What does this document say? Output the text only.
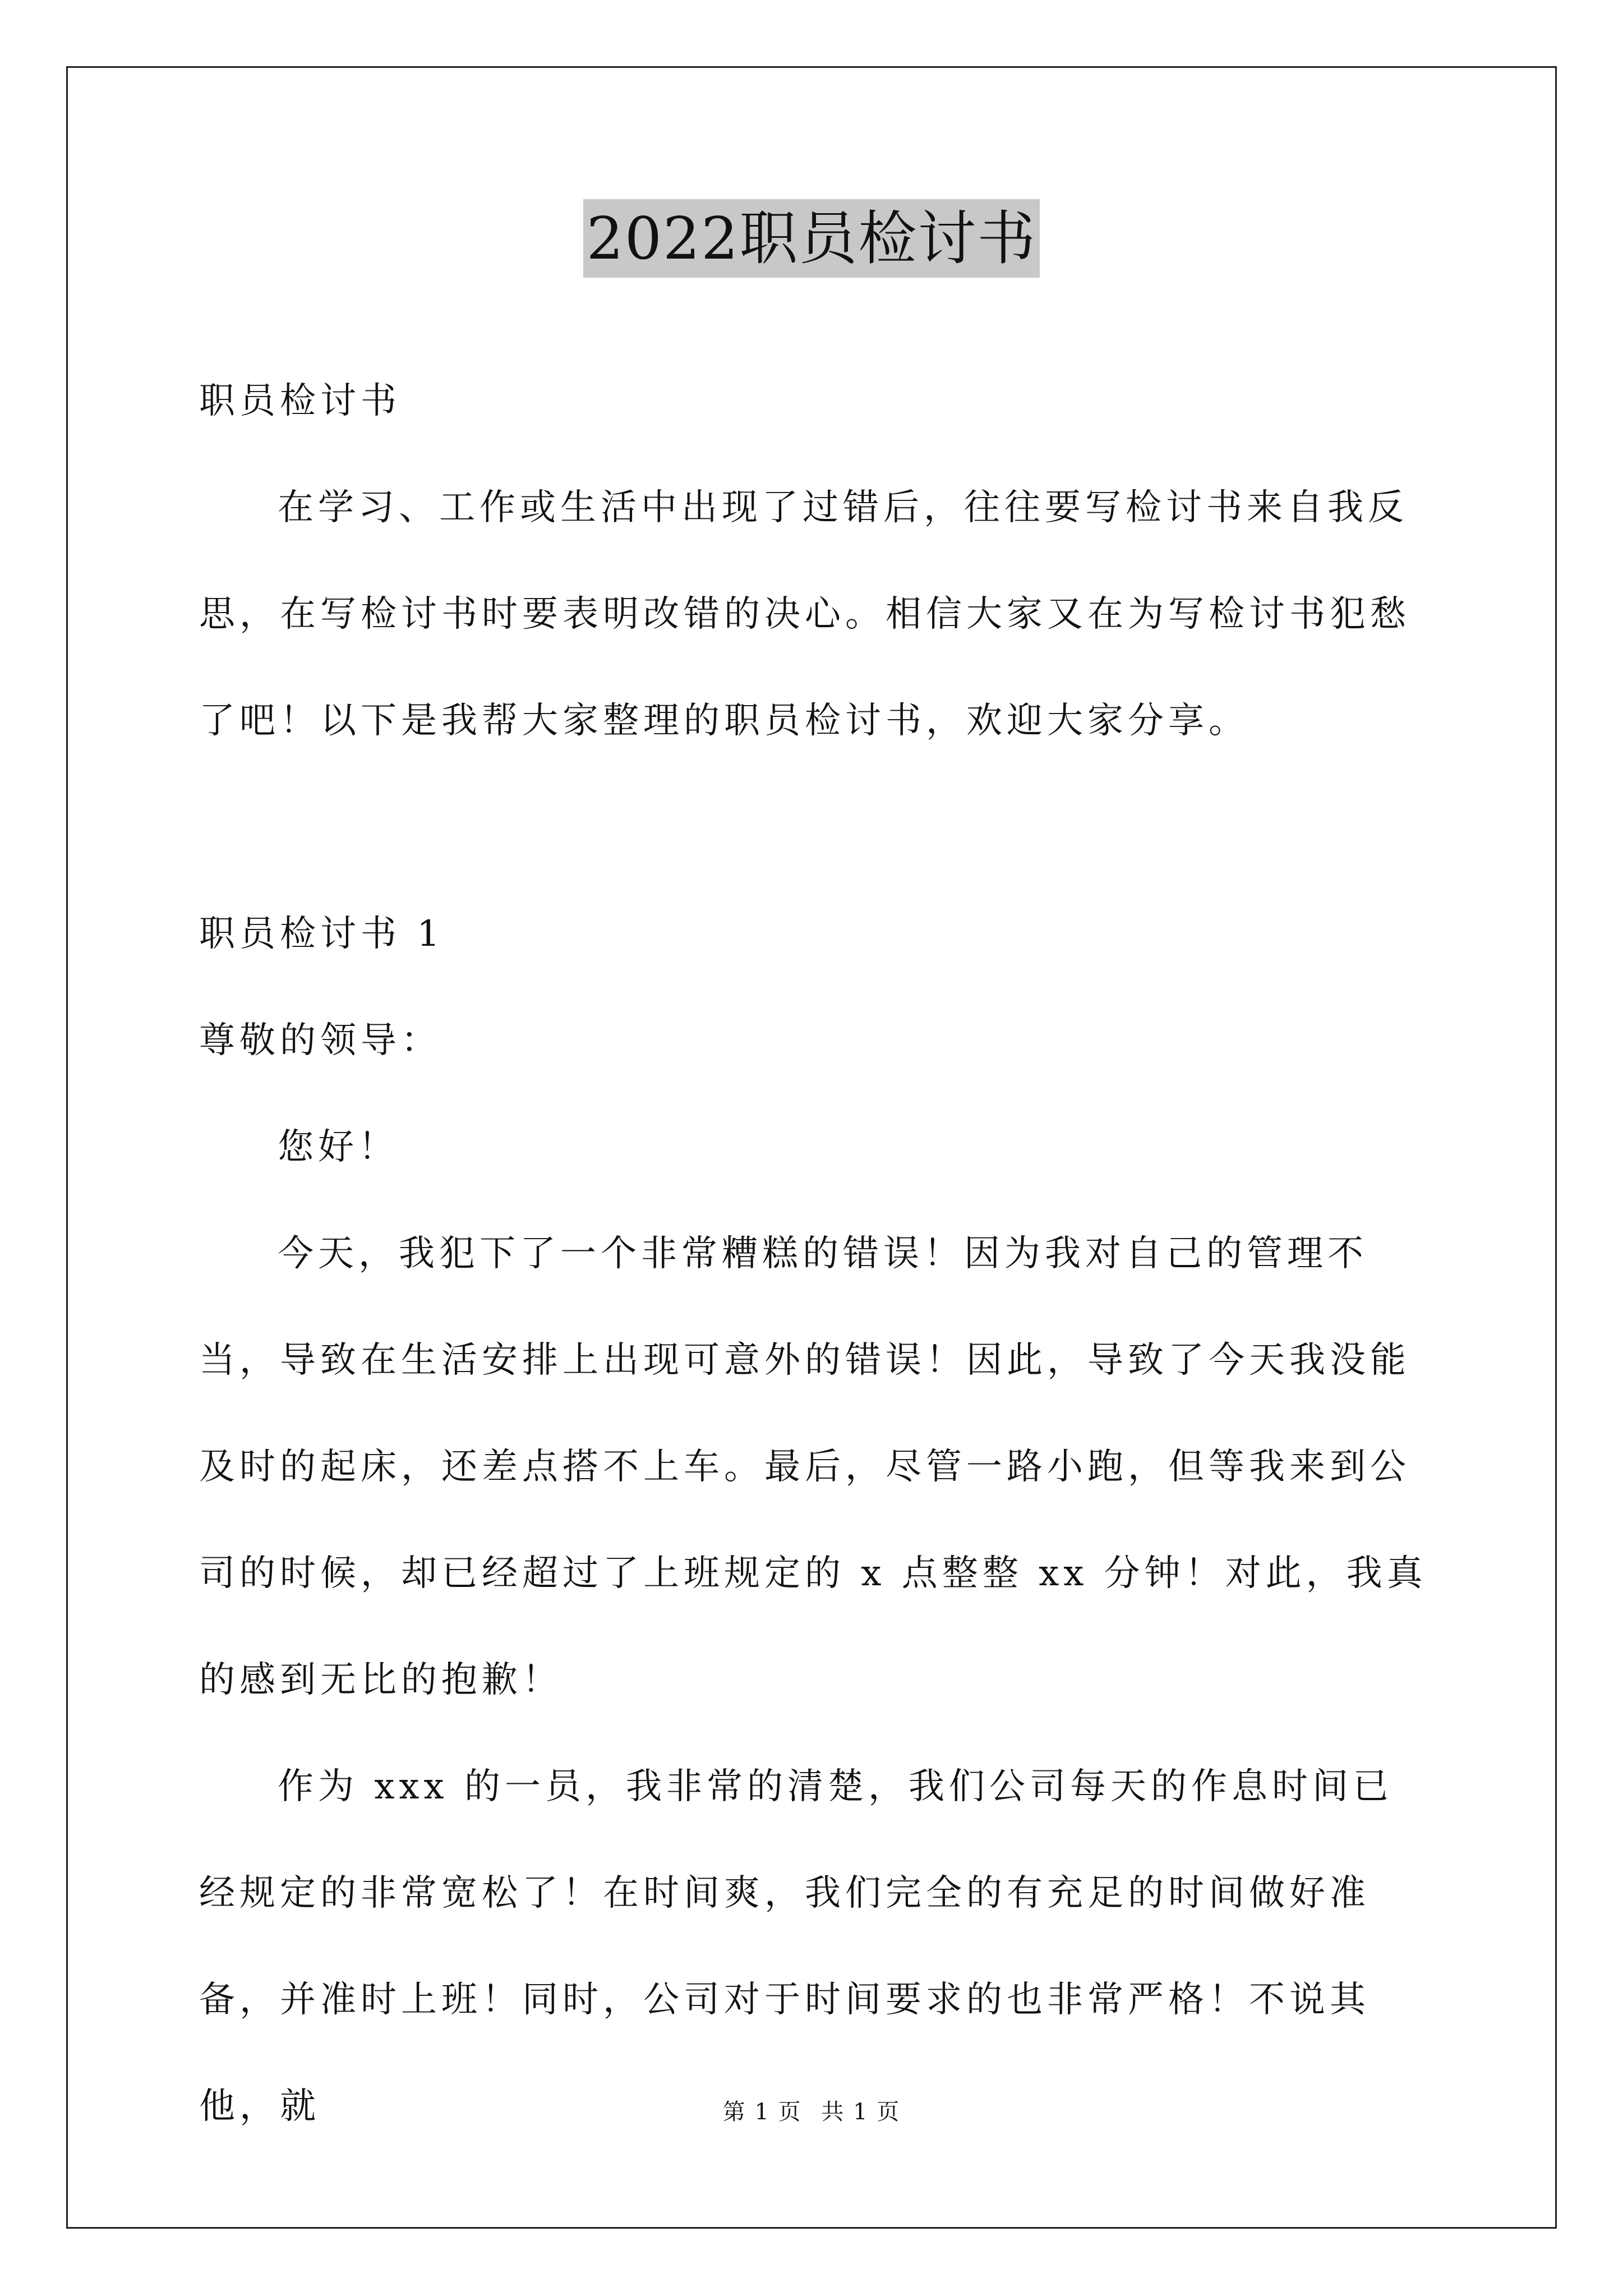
2022职员检讨书

职员检讨书

在学习、工作或生活中出现了过错后，往往要写检讨书来自我反思，在写检讨书时要表明改错的决心。相信大家又在为写检讨书犯愁了吧！以下是我帮大家整理的职员检讨书，欢迎大家分享。

职员检讨书 1

尊敬的领导：

您好！

今天，我犯下了一个非常糟糕的错误！因为我对自己的管理不当，导致在生活安排上出现可意外的错误！因此，导致了今天我没能及时的起床，还差点搭不上车。最后，尽管一路小跑，但等我来到公司的时候，却已经超过了上班规定的 x 点整整 xx 分钟！对此，我真的感到无比的抱歉！

作为 xxx 的一员，我非常的清楚，我们公司每天的作息时间已经规定的非常宽松了！在时间爽，我们完全的有充足的时间做好准备，并准时上班！同时，公司对于时间要求的也非常严格！不说其他，就	第 1 页 共 1 页
